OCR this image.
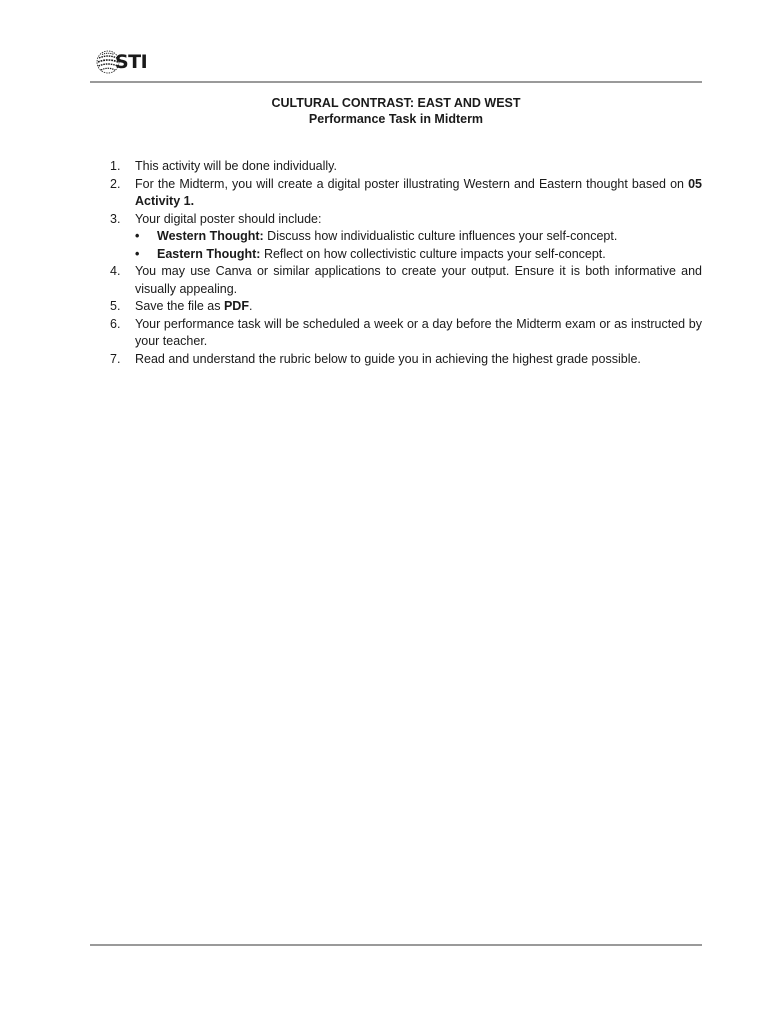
STI
CULTURAL CONTRAST: EAST AND WEST
Performance Task in Midterm
1. This activity will be done individually.
2. For the Midterm, you will create a digital poster illustrating Western and Eastern thought based on 05 Activity 1.
3. Your digital poster should include:
• Western Thought: Discuss how individualistic culture influences your self-concept.
• Eastern Thought: Reflect on how collectivistic culture impacts your self-concept.
4. You may use Canva or similar applications to create your output. Ensure it is both informative and visually appealing.
5. Save the file as PDF.
6. Your performance task will be scheduled a week or a day before the Midterm exam or as instructed by your teacher.
7. Read and understand the rubric below to guide you in achieving the highest grade possible.
